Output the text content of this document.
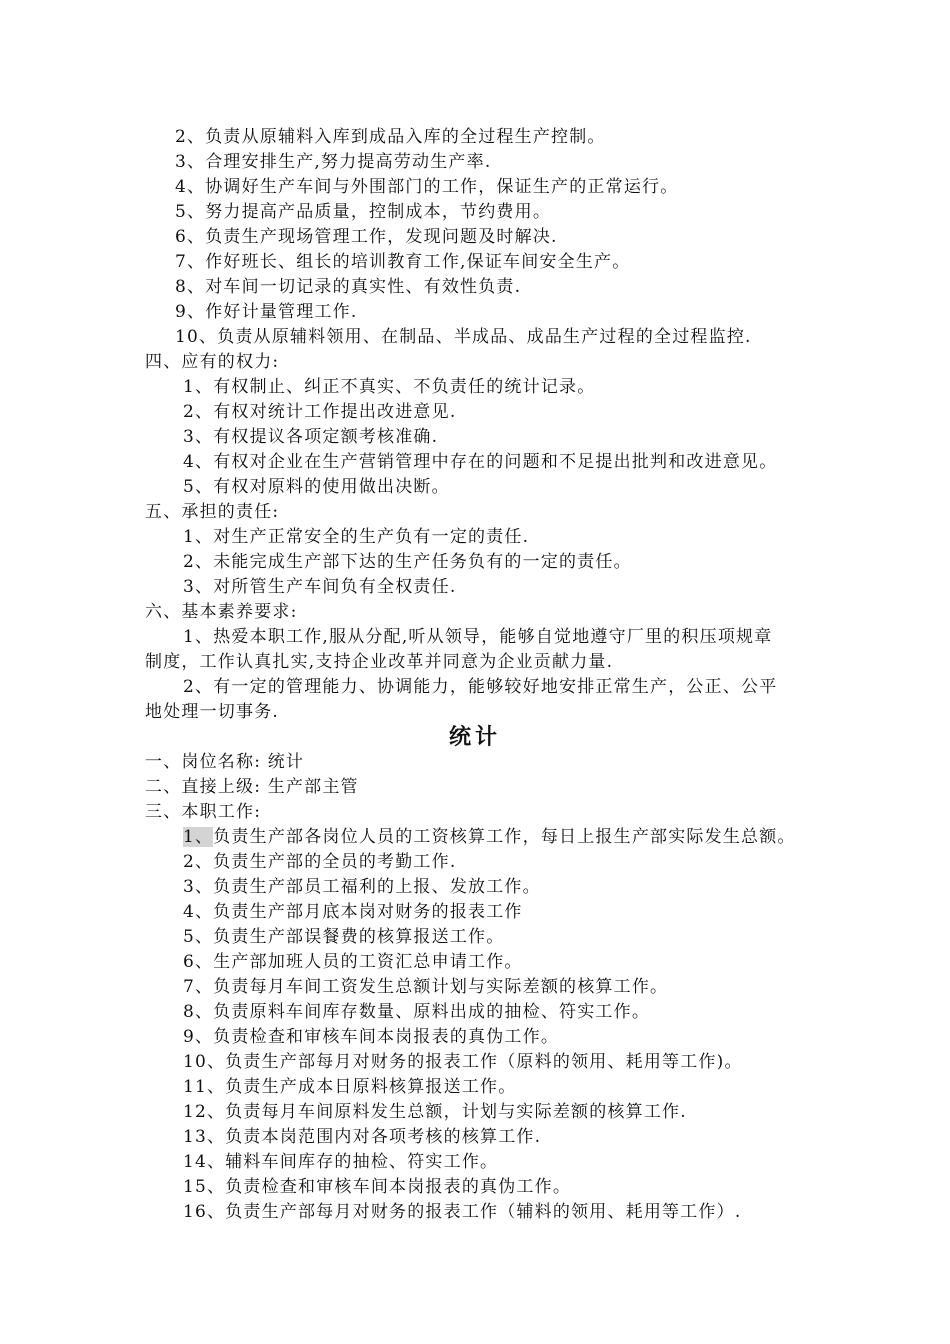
2、负责从原辅料入库到成品入库的全过程生产控制。
3、合理安排生产,努力提高劳动生产率.
4、协调好生产车间与外围部门的工作，保证生产的正常运行。
5、努力提高产品质量，控制成本，节约费用。
6、负责生产现场管理工作，发现问题及时解决.
7、作好班长、组长的培训教育工作,保证车间安全生产。
8、对车间一切记录的真实性、有效性负责.
9、作好计量管理工作.
10、负责从原辅料领用、在制品、半成品、成品生产过程的全过程监控.
四、应有的权力:
1、有权制止、纠正不真实、不负责任的统计记录。
2、有权对统计工作提出改进意见.
3、有权提议各项定额考核准确.
4、有权对企业在生产营销管理中存在的问题和不足提出批判和改进意见。
5、有权对原料的使用做出决断。
五、承担的责任:
1、对生产正常安全的生产负有一定的责任.
2、未能完成生产部下达的生产任务负有的一定的责任。
3、对所管生产车间负有全权责任.
六、基本素养要求:
1、热爱本职工作,服从分配,听从领导，能够自觉地遵守厂里的积压项规章
制度，工作认真扎实,支持企业改革并同意为企业贡献力量.
2、有一定的管理能力、协调能力，能够较好地安排正常生产，公正、公平
地处理一切事务.
统计
一、岗位名称: 统计
二、直接上级: 生产部主管
三、本职工作:
1、负责生产部各岗位人员的工资核算工作，每日上报生产部实际发生总额。
2、负责生产部的全员的考勤工作.
3、负责生产部员工福利的上报、发放工作。
4、负责生产部月底本岗对财务的报表工作
5、负责生产部误餐费的核算报送工作。
6、生产部加班人员的工资汇总申请工作。
7、负责每月车间工资发生总额计划与实际差额的核算工作。
8、负责原料车间库存数量、原料出成的抽检、符实工作。
9、负责检查和审核车间本岗报表的真伪工作。
10、负责生产部每月对财务的报表工作（原料的领用、耗用等工作)。
11、负责生产成本日原料核算报送工作。
12、负责每月车间原料发生总额，计划与实际差额的核算工作.
13、负责本岗范围内对各项考核的核算工作.
14、辅料车间库存的抽检、符实工作。
15、负责检查和审核车间本岗报表的真伪工作。
16、负责生产部每月对财务的报表工作（辅料的领用、耗用等工作）.
